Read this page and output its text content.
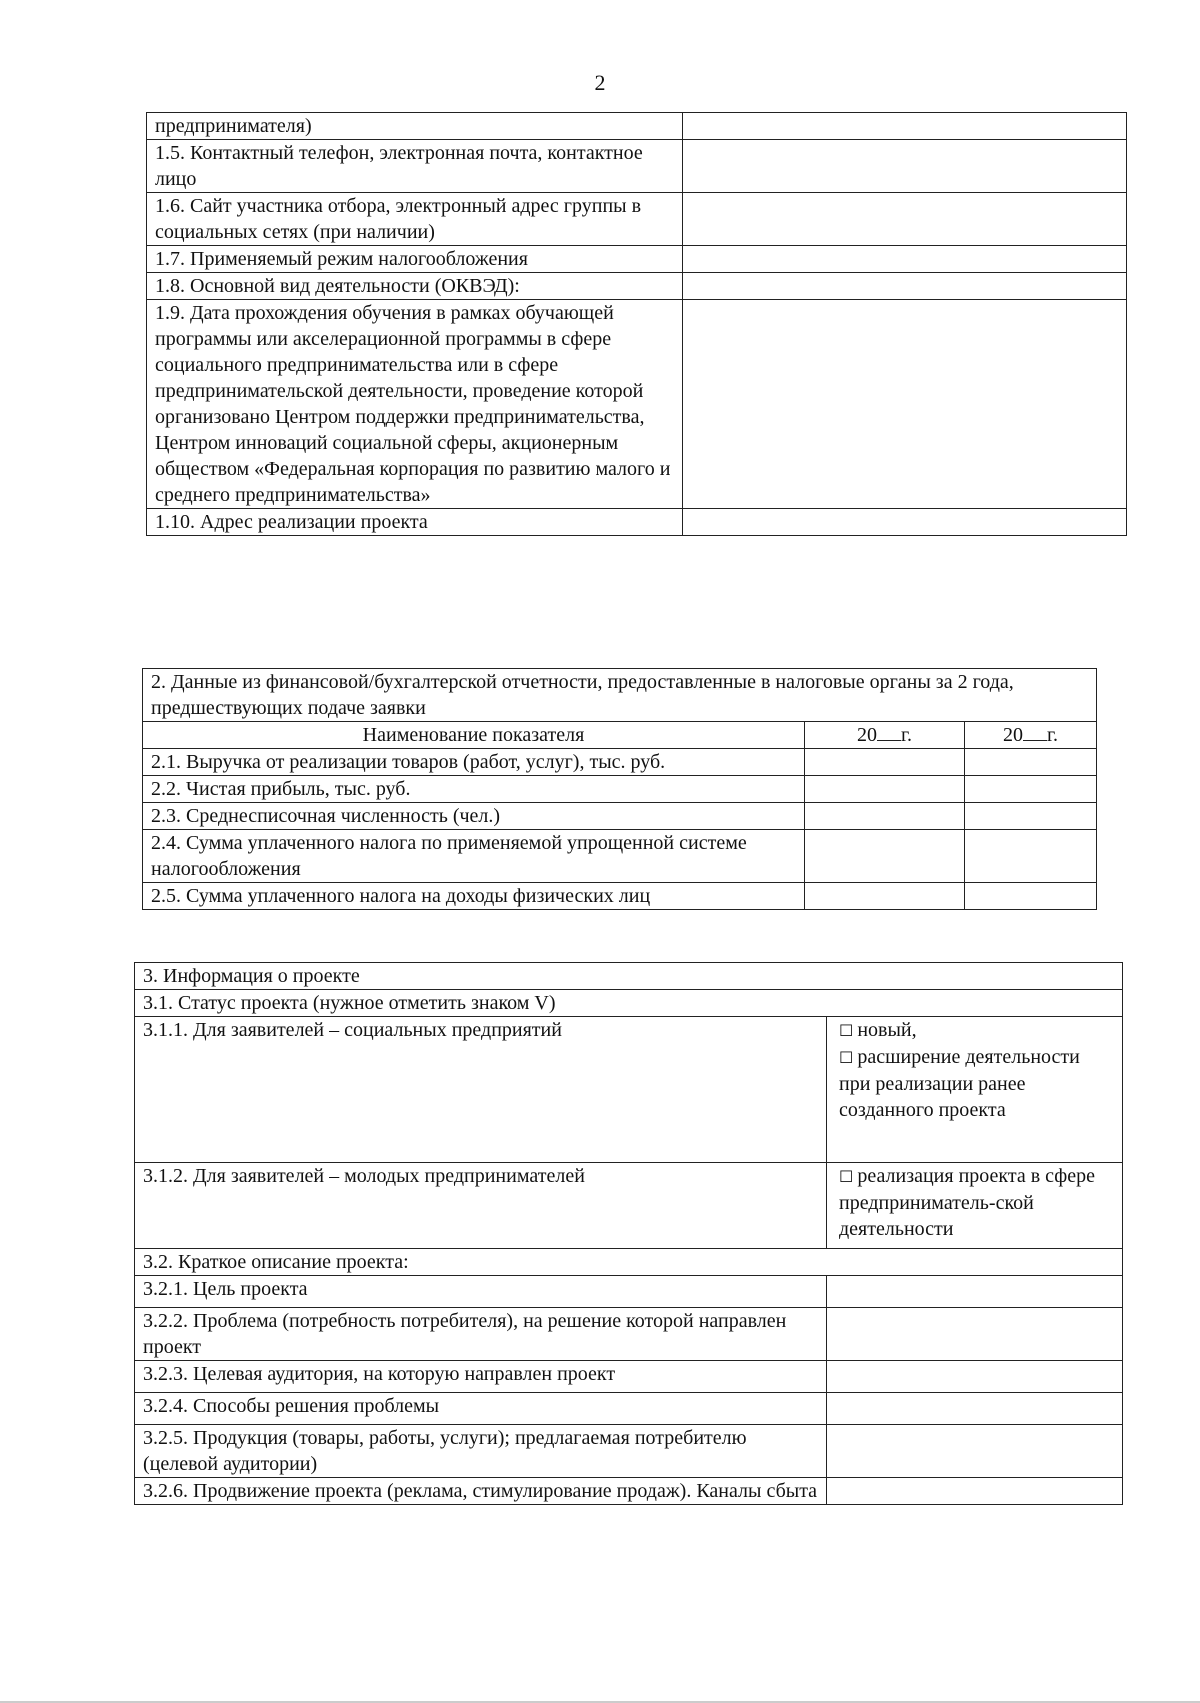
2
предпринимателя)	
1.5. Контактный телефон, электронная почта, контактное лицо	
1.6. Сайт участника отбора, электронный адрес группы в социальных сетях (при наличии)	
1.7. Применяемый режим налогообложения	
1.8. Основной вид деятельности (ОКВЭД):	
1.9. Дата прохождения обучения в рамках обучающей программы или акселерационной программы в сфере социального предпринимательства или в сфере предпринимательской деятельности, проведение которой организовано Центром поддержки предпринимательства, Центром инноваций социальной сферы, акционерным обществом «Федеральная корпорация по развитию малого и среднего предпринимательства»	
1.10. Адрес реализации проекта	
2. Данные из финансовой/бухгалтерской отчетности, предоставленные в налоговые органы за 2 года, предшествующих подаче заявки		
Наименование показателя	20 г.	20 г.
2.1. Выручка от реализации товаров (работ, услуг), тыс. руб.		
2.2. Чистая прибыль, тыс. руб.		
2.3. Среднесписочная численность (чел.)		
2.4. Сумма уплаченного налога по применяемой упрощенной системе налогообложения		
2.5. Сумма уплаченного налога на доходы физических лиц		
3. Информация о проекте	
3.1. Статус проекта (нужное отметить знаком V)	
3.1.1. Для заявителей – социальных предприятий	☐ новый,
☐ расширение деятельности при реализации ранее созданного проекта

3.1.2. Для заявителей – молодых предпринимателей	☐ реализация проекта в сфере предприниматель-ской деятельности

3.2. Краткое описание проекта:	
3.2.1. Цель проекта	
3.2.2. Проблема (потребность потребителя), на решение которой направлен проект	
3.2.3. Целевая аудитория, на которую направлен проект	
3.2.4. Способы решения проблемы	
3.2.5. Продукция (товары, работы, услуги); предлагаемая потребителю (целевой аудитории)	
3.2.6. Продвижение проекта (реклама, стимулирование продаж). Каналы сбыта	
